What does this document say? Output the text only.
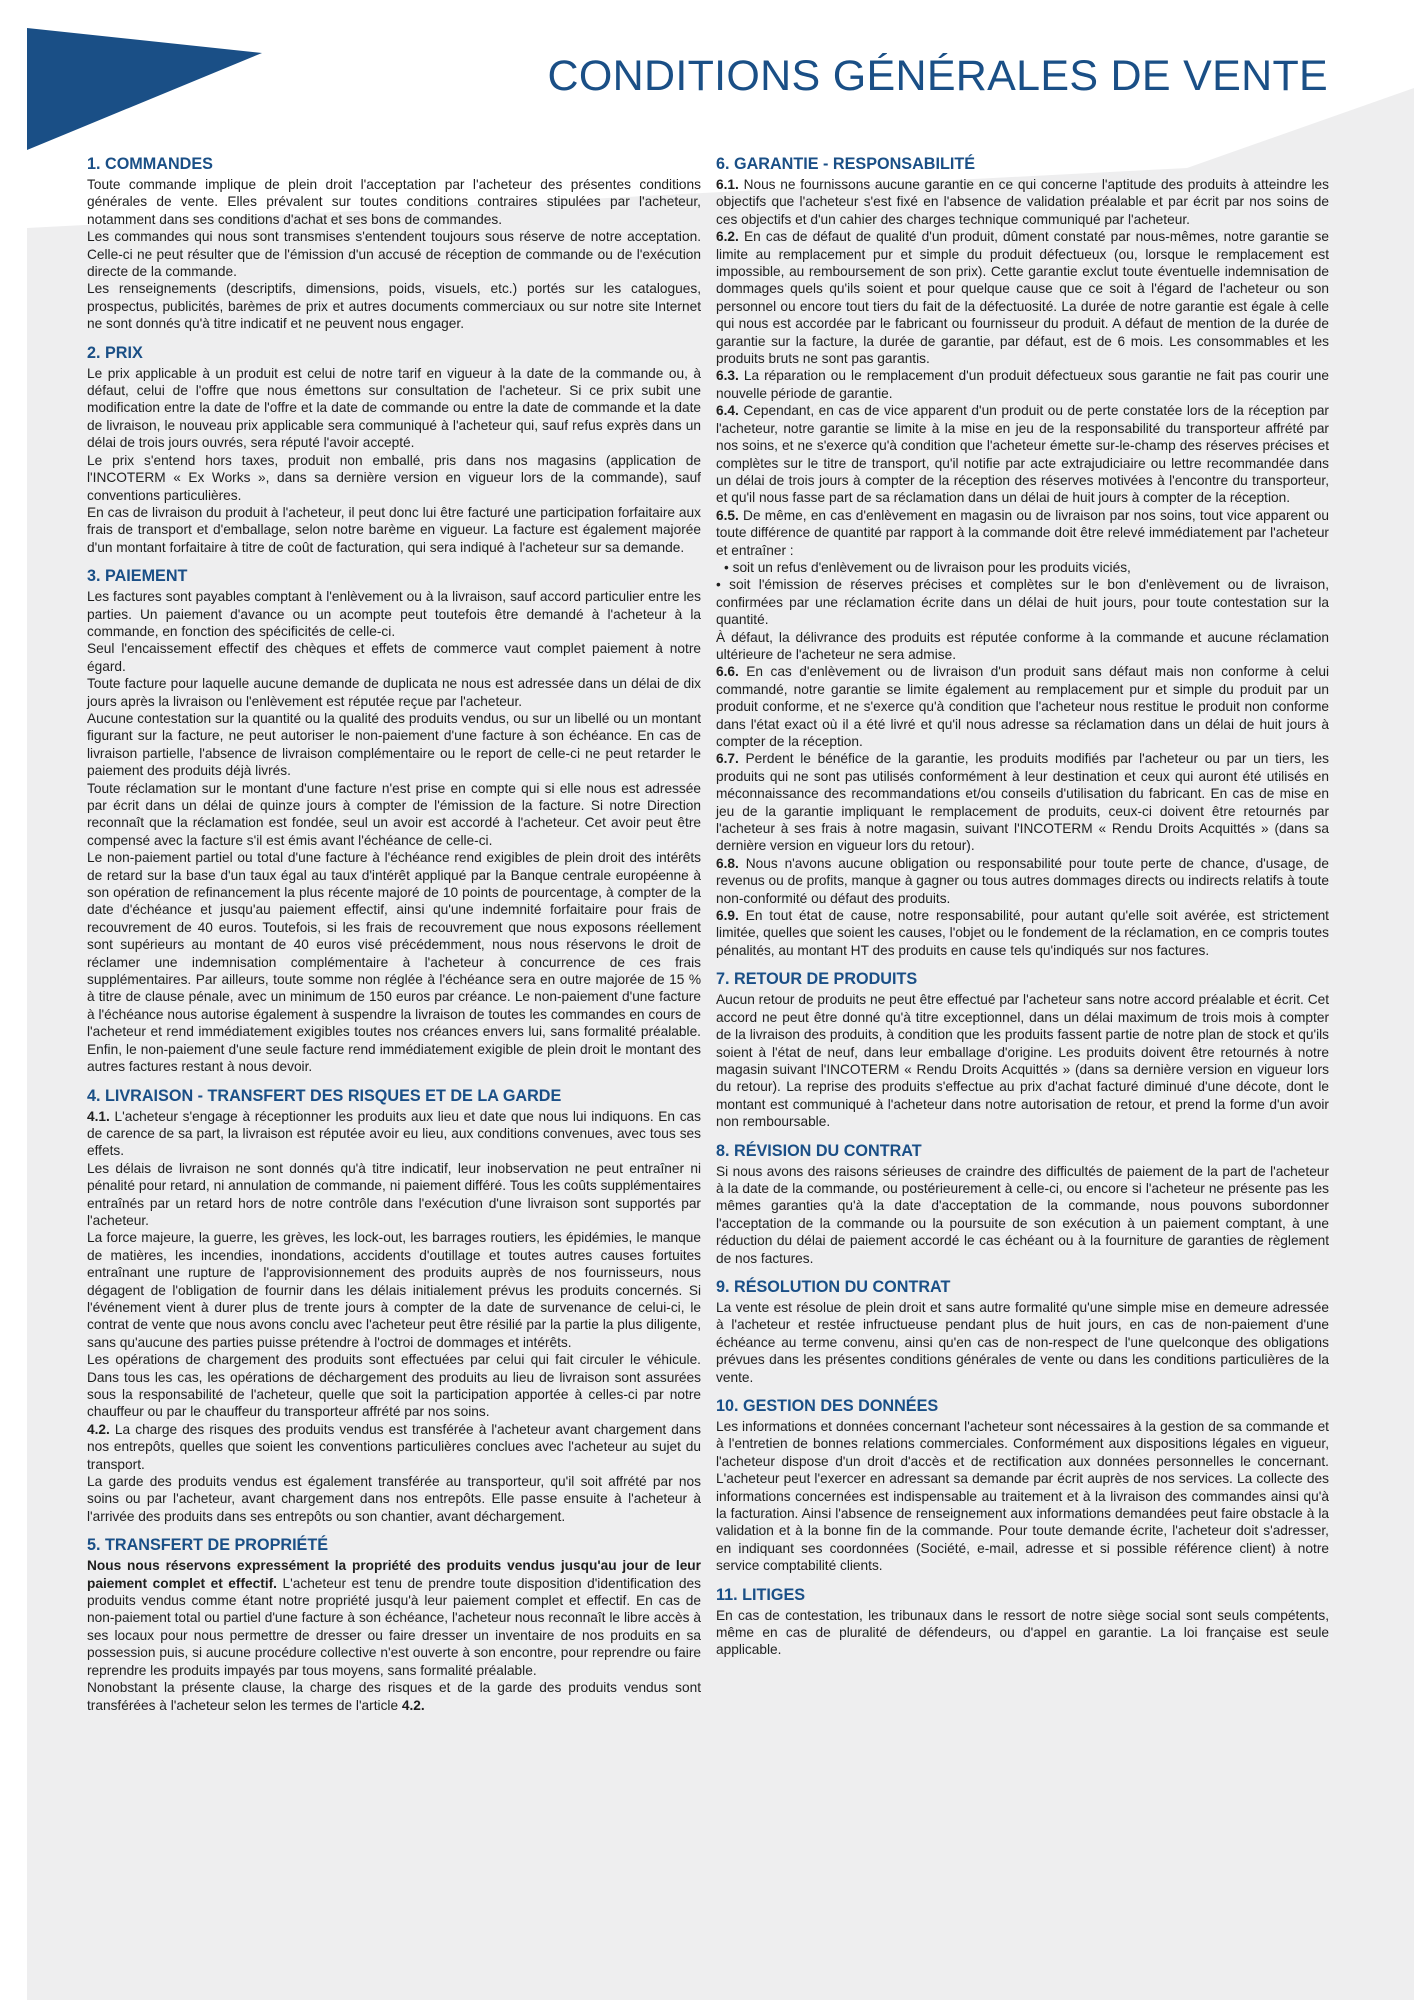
CONDITIONS GÉNÉRALES DE VENTE
1. COMMANDES

Toute commande implique de plein droit l'acceptation par l'acheteur des présentes conditions générales de vente. Elles prévalent sur toutes conditions contraires stipulées par l'acheteur, notamment dans ses conditions d'achat et ses bons de commandes.

Les commandes qui nous sont transmises s'entendent toujours sous réserve de notre acceptation. Celle-ci ne peut résulter que de l'émission d'un accusé de réception de commande ou de l'exécution directe de la commande.

Les renseignements (descriptifs, dimensions, poids, visuels, etc.) portés sur les catalogues, prospectus, publicités, barèmes de prix et autres documents commerciaux ou sur notre site Internet ne sont donnés qu'à titre indicatif et ne peuvent nous engager.

2. PRIX

Le prix applicable à un produit est celui de notre tarif en vigueur à la date de la commande ou, à défaut, celui de l'offre que nous émettons sur consultation de l'acheteur. Si ce prix subit une modification entre la date de l'offre et la date de commande ou entre la date de commande et la date de livraison, le nouveau prix applicable sera communiqué à l'acheteur qui, sauf refus exprès dans un délai de trois jours ouvrés, sera réputé l'avoir accepté.

Le prix s'entend hors taxes, produit non emballé, pris dans nos magasins (application de l'INCOTERM « Ex Works », dans sa dernière version en vigueur lors de la commande), sauf conventions particulières.

En cas de livraison du produit à l'acheteur, il peut donc lui être facturé une participation forfaitaire aux frais de transport et d'emballage, selon notre barème en vigueur. La facture est également majorée d'un montant forfaitaire à titre de coût de facturation, qui sera indiqué à l'acheteur sur sa demande.

3. PAIEMENT

Les factures sont payables comptant à l'enlèvement ou à la livraison, sauf accord particulier entre les parties. Un paiement d'avance ou un acompte peut toutefois être demandé à l'acheteur à la commande, en fonction des spécificités de celle-ci.

Seul l'encaissement effectif des chèques et effets de commerce vaut complet paiement à notre égard.

Toute facture pour laquelle aucune demande de duplicata ne nous est adressée dans un délai de dix jours après la livraison ou l'enlèvement est réputée reçue par l'acheteur.

Aucune contestation sur la quantité ou la qualité des produits vendus, ou sur un libellé ou un montant figurant sur la facture, ne peut autoriser le non-paiement d'une facture à son échéance. En cas de livraison partielle, l'absence de livraison complémentaire ou le report de celle-ci ne peut retarder le paiement des produits déjà livrés.

Toute réclamation sur le montant d'une facture n'est prise en compte qui si elle nous est adressée par écrit dans un délai de quinze jours à compter de l'émission de la facture. Si notre Direction reconnaît que la réclamation est fondée, seul un avoir est accordé à l'acheteur. Cet avoir peut être compensé avec la facture s'il est émis avant l'échéance de celle-ci.

Le non-paiement partiel ou total d'une facture à l'échéance rend exigibles de plein droit des intérêts de retard sur la base d'un taux égal au taux d'intérêt appliqué par la Banque centrale européenne à son opération de refinancement la plus récente majoré de 10 points de pourcentage, à compter de la date d'échéance et jusqu'au paiement effectif, ainsi qu'une indemnité forfaitaire pour frais de recouvrement de 40 euros. Toutefois, si les frais de recouvrement que nous exposons réellement sont supérieurs au montant de 40 euros visé précédemment, nous nous réservons le droit de réclamer une indemnisation complémentaire à l'acheteur à concurrence de ces frais supplémentaires. Par ailleurs, toute somme non réglée à l'échéance sera en outre majorée de 15 % à titre de clause pénale, avec un minimum de 150 euros par créance. Le non-paiement d'une facture à l'échéance nous autorise également à suspendre la livraison de toutes les commandes en cours de l'acheteur et rend immédiatement exigibles toutes nos créances envers lui, sans formalité préalable. Enfin, le non-paiement d'une seule facture rend immédiatement exigible de plein droit le montant des autres factures restant à nous devoir.

4. LIVRAISON - TRANSFERT DES RISQUES ET DE LA GARDE

4.1. L'acheteur s'engage à réceptionner les produits aux lieu et date que nous lui indiquons. En cas de carence de sa part, la livraison est réputée avoir eu lieu, aux conditions convenues, avec tous ses effets.

Les délais de livraison ne sont donnés qu'à titre indicatif, leur inobservation ne peut entraîner ni pénalité pour retard, ni annulation de commande, ni paiement différé. Tous les coûts supplémentaires entraînés par un retard hors de notre contrôle dans l'exécution d'une livraison sont supportés par l'acheteur.

La force majeure, la guerre, les grèves, les lock-out, les barrages routiers, les épidémies, le manque de matières, les incendies, inondations, accidents d'outillage et toutes autres causes fortuites entraînant une rupture de l'approvisionnement des produits auprès de nos fournisseurs, nous dégagent de l'obligation de fournir dans les délais initialement prévus les produits concernés. Si l'événement vient à durer plus de trente jours à compter de la date de survenance de celui-ci, le contrat de vente que nous avons conclu avec l'acheteur peut être résilié par la partie la plus diligente, sans qu'aucune des parties puisse prétendre à l'octroi de dommages et intérêts.

Les opérations de chargement des produits sont effectuées par celui qui fait circuler le véhicule. Dans tous les cas, les opérations de déchargement des produits au lieu de livraison sont assurées sous la responsabilité de l'acheteur, quelle que soit la participation apportée à celles-ci par notre chauffeur ou par le chauffeur du transporteur affrété par nos soins.

4.2. La charge des risques des produits vendus est transférée à l'acheteur avant chargement dans nos entrepôts, quelles que soient les conventions particulières conclues avec l'acheteur au sujet du transport.

La garde des produits vendus est également transférée au transporteur, qu'il soit affrété par nos soins ou par l'acheteur, avant chargement dans nos entrepôts. Elle passe ensuite à l'acheteur à l'arrivée des produits dans ses entrepôts ou son chantier, avant déchargement.

5. TRANSFERT DE PROPRIÉTÉ

Nous nous réservons expressément la propriété des produits vendus jusqu'au jour de leur paiement complet et effectif. L'acheteur est tenu de prendre toute disposition d'identification des produits vendus comme étant notre propriété jusqu'à leur paiement complet et effectif. En cas de non-paiement total ou partiel d'une facture à son échéance, l'acheteur nous reconnaît le libre accès à ses locaux pour nous permettre de dresser ou faire dresser un inventaire de nos produits en sa possession puis, si aucune procédure collective n'est ouverte à son encontre, pour reprendre ou faire reprendre les produits impayés par tous moyens, sans formalité préalable.

Nonobstant la présente clause, la charge des risques et de la garde des produits vendus sont transférées à l'acheteur selon les termes de l'article 4.2.

6. GARANTIE - RESPONSABILITÉ

6.1. Nous ne fournissons aucune garantie en ce qui concerne l'aptitude des produits à atteindre les objectifs que l'acheteur s'est fixé en l'absence de validation préalable et par écrit par nos soins de ces objectifs et d'un cahier des charges technique communiqué par l'acheteur.

6.2. En cas de défaut de qualité d'un produit, dûment constaté par nous-mêmes, notre garantie se limite au remplacement pur et simple du produit défectueux (ou, lorsque le remplacement est impossible, au remboursement de son prix). Cette garantie exclut toute éventuelle indemnisation de dommages quels qu'ils soient et pour quelque cause que ce soit à l'égard de l'acheteur ou son personnel ou encore tout tiers du fait de la défectuosité. La durée de notre garantie est égale à celle qui nous est accordée par le fabricant ou fournisseur du produit. A défaut de mention de la durée de garantie sur la facture, la durée de garantie, par défaut, est de 6 mois. Les consommables et les produits bruts ne sont pas garantis.

6.3. La réparation ou le remplacement d'un produit défectueux sous garantie ne fait pas courir une nouvelle période de garantie.

6.4. Cependant, en cas de vice apparent d'un produit ou de perte constatée lors de la réception par l'acheteur, notre garantie se limite à la mise en jeu de la responsabilité du transporteur affrété par nos soins, et ne s'exerce qu'à condition que l'acheteur émette sur-le-champ des réserves précises et complètes sur le titre de transport, qu'il notifie par acte extrajudiciaire ou lettre recommandée dans un délai de trois jours à compter de la réception des réserves motivées à l'encontre du transporteur, et qu'il nous fasse part de sa réclamation dans un délai de huit jours à compter de la réception.

6.5. De même, en cas d'enlèvement en magasin ou de livraison par nos soins, tout vice apparent ou toute différence de quantité par rapport à la commande doit être relevé immédiatement par l'acheteur et entraîner :

• soit un refus d'enlèvement ou de livraison pour les produits viciés,

• soit l'émission de réserves précises et complètes sur le bon d'enlèvement ou de livraison, confirmées par une réclamation écrite dans un délai de huit jours, pour toute contestation sur la quantité.

À défaut, la délivrance des produits est réputée conforme à la commande et aucune réclamation ultérieure de l'acheteur ne sera admise.

6.6. En cas d'enlèvement ou de livraison d'un produit sans défaut mais non conforme à celui commandé, notre garantie se limite également au remplacement pur et simple du produit par un produit conforme, et ne s'exerce qu'à condition que l'acheteur nous restitue le produit non conforme dans l'état exact où il a été livré et qu'il nous adresse sa réclamation dans un délai de huit jours à compter de la réception.

6.7. Perdent le bénéfice de la garantie, les produits modifiés par l'acheteur ou par un tiers, les produits qui ne sont pas utilisés conformément à leur destination et ceux qui auront été utilisés en méconnaissance des recommandations et/ou conseils d'utilisation du fabricant. En cas de mise en jeu de la garantie impliquant le remplacement de produits, ceux-ci doivent être retournés par l'acheteur à ses frais à notre magasin, suivant l'INCOTERM « Rendu Droits Acquittés » (dans sa dernière version en vigueur lors du retour).

6.8. Nous n'avons aucune obligation ou responsabilité pour toute perte de chance, d'usage, de revenus ou de profits, manque à gagner ou tous autres dommages directs ou indirects relatifs à toute non-conformité ou défaut des produits.

6.9. En tout état de cause, notre responsabilité, pour autant qu'elle soit avérée, est strictement limitée, quelles que soient les causes, l'objet ou le fondement de la réclamation, en ce compris toutes pénalités, au montant HT des produits en cause tels qu'indiqués sur nos factures.

7. RETOUR DE PRODUITS

Aucun retour de produits ne peut être effectué par l'acheteur sans notre accord préalable et écrit. Cet accord ne peut être donné qu'à titre exceptionnel, dans un délai maximum de trois mois à compter de la livraison des produits, à condition que les produits fassent partie de notre plan de stock et qu'ils soient à l'état de neuf, dans leur emballage d'origine. Les produits doivent être retournés à notre magasin suivant l'INCOTERM « Rendu Droits Acquittés » (dans sa dernière version en vigueur lors du retour). La reprise des produits s'effectue au prix d'achat facturé diminué d'une décote, dont le montant est communiqué à l'acheteur dans notre autorisation de retour, et prend la forme d'un avoir non remboursable.

8. RÉVISION DU CONTRAT

Si nous avons des raisons sérieuses de craindre des difficultés de paiement de la part de l'acheteur à la date de la commande, ou postérieurement à celle-ci, ou encore si l'acheteur ne présente pas les mêmes garanties qu'à la date d'acceptation de la commande, nous pouvons subordonner l'acceptation de la commande ou la poursuite de son exécution à un paiement comptant, à une réduction du délai de paiement accordé le cas échéant ou à la fourniture de garanties de règlement de nos factures.

9. RÉSOLUTION DU CONTRAT

La vente est résolue de plein droit et sans autre formalité qu'une simple mise en demeure adressée à l'acheteur et restée infructueuse pendant plus de huit jours, en cas de non-paiement d'une échéance au terme convenu, ainsi qu'en cas de non-respect de l'une quelconque des obligations prévues dans les présentes conditions générales de vente ou dans les conditions particulières de la vente.

10. GESTION DES DONNÉES

Les informations et données concernant l'acheteur sont nécessaires à la gestion de sa commande et à l'entretien de bonnes relations commerciales. Conformément aux dispositions légales en vigueur, l'acheteur dispose d'un droit d'accès et de rectification aux données personnelles le concernant. L'acheteur peut l'exercer en adressant sa demande par écrit auprès de nos services. La collecte des informations concernées est indispensable au traitement et à la livraison des commandes ainsi qu'à la facturation. Ainsi l'absence de renseignement aux informations demandées peut faire obstacle à la validation et à la bonne fin de la commande. Pour toute demande écrite, l'acheteur doit s'adresser, en indiquant ses coordonnées (Société, e-mail, adresse et si possible référence client) à notre service comptabilité clients.

11. LITIGES

En cas de contestation, les tribunaux dans le ressort de notre siège social sont seuls compétents, même en cas de pluralité de défendeurs, ou d'appel en garantie. La loi française est seule applicable.
